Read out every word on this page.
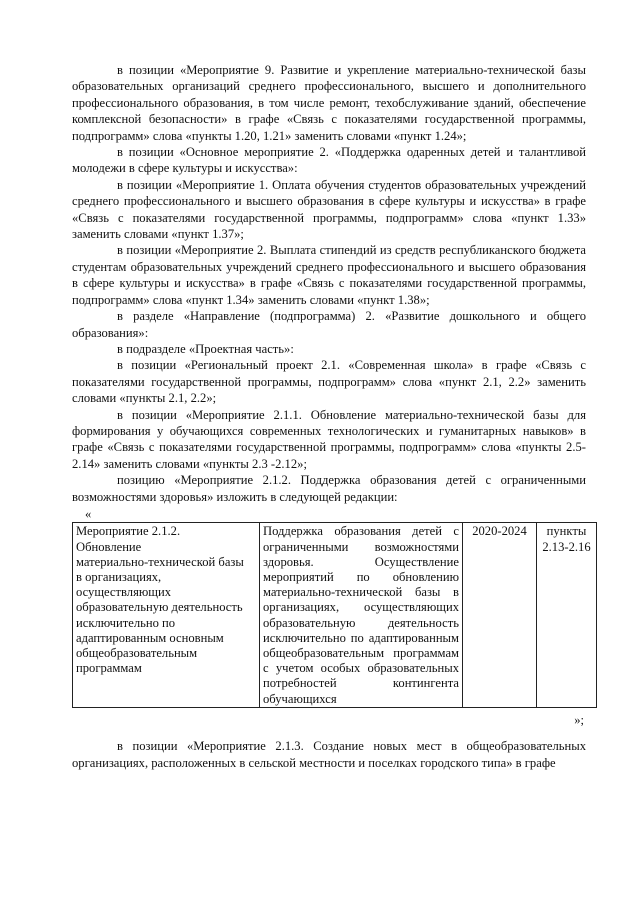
в позиции «Мероприятие 9. Развитие и укрепление материально-технической базы образовательных организаций среднего профессионального, высшего и дополнительного профессионального образования, в том числе ремонт, техобслуживание зданий, обеспечение комплексной безопасности» в графе «Связь с показателями государственной программы, подпрограмм» слова «пункты 1.20, 1.21» заменить словами «пункт 1.24»;

в позиции «Основное мероприятие 2. «Поддержка одаренных детей и талантливой молодежи в сфере культуры и искусства»:

в позиции «Мероприятие 1. Оплата обучения студентов образовательных учреждений среднего профессионального и высшего образования в сфере культуры и искусства» в графе «Связь с показателями государственной программы, подпрограмм» слова «пункт 1.33» заменить словами «пункт 1.37»;

в позиции «Мероприятие 2. Выплата стипендий из средств республиканского бюджета студентам образовательных учреждений среднего профессионального и высшего образования в сфере культуры и искусства» в графе «Связь с показателями государственной программы, подпрограмм» слова «пункт 1.34» заменить словами «пункт 1.38»;

в разделе «Направление (подпрограмма) 2. «Развитие дошкольного и общего образования»:

в подразделе «Проектная часть»:

в позиции «Региональный проект 2.1. «Современная школа» в графе «Связь с показателями государственной программы, подпрограмм» слова «пункт 2.1, 2.2» заменить словами «пункты 2.1, 2.2»;

в позиции «Мероприятие 2.1.1. Обновление материально-технической базы для формирования у обучающихся современных технологических и гуманитарных навыков» в графе «Связь с показателями государственной программы, подпрограмм» слова «пункты 2.5-2.14» заменить словами «пункты 2.3 -2.12»;

позицию «Мероприятие 2.1.2. Поддержка образования детей с ограниченными возможностями здоровья» изложить в следующей редакции:

«
Мероприятие 2.1.2.
Обновление
материально-технической базы
в организациях,
осуществляющих
образовательную деятельность
исключительно по
адаптированным основным
общеобразовательным
программам
	Поддержка образования детей с ограниченными возможностями здоровья. Осуществление мероприятий по обновлению материально-технической базы в организациях, осуществляющих образовательную деятельность исключительно по адаптированным общеобразовательным программам с учетом особых образовательных потребностей контингента обучающихся	2020-2024	пункты 2.13-2.16
»;

в позиции «Мероприятие 2.1.3. Создание новых мест в общеобразовательных организациях, расположенных в сельской местности и поселках городского типа» в графе
